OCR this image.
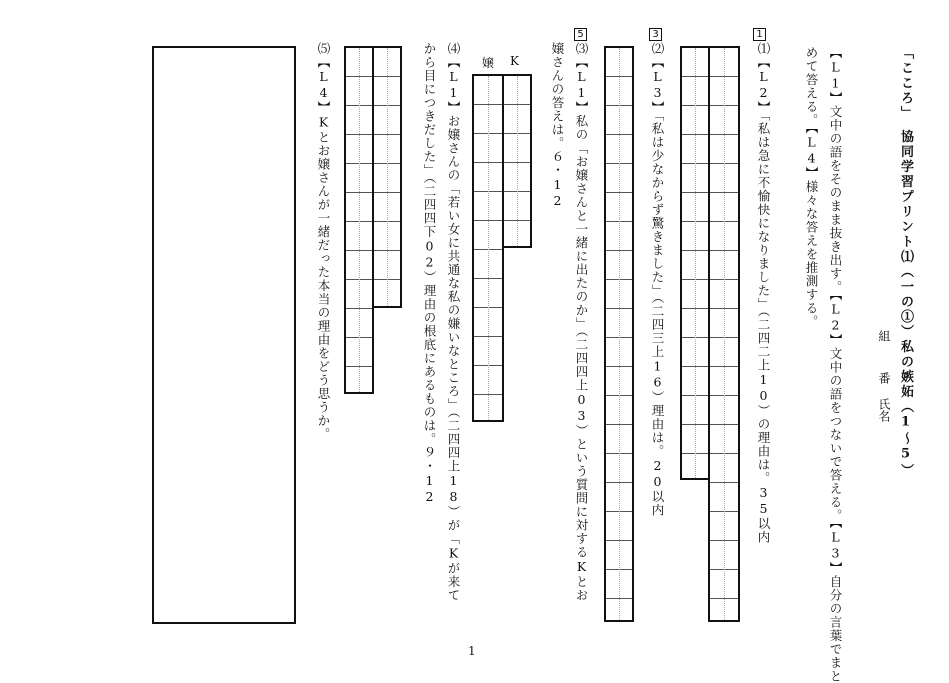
「こころ」　協同学習プリント⑴（一の①）私の嫉妬（1～5）
組
番
氏名
【L1】文中の語をそのまま抜き出す。【L2】文中の語をつないで答える。【L3】自分の言葉でまと
めて答える。【L4】様々な答えを推測する。
1
⑴【L2】「私は急に不愉快になりました」（二四二上10）の理由は。35以内
3
⑵【L3】「私は少なからず驚きました」（二四三上16）理由は。20以内
5
⑶【L1】私の「お嬢さんと一緒に出たのか」（二四四上03）という質問に対するKとお
嬢さんの答えは。６・12
K
嬢
⑷【L1】お嬢さんの「若い女に共通な私の嫌いなところ」（二四四上18）が「Kが来て
から目につきだした」（二四四下02）理由の根底にあるものは。９・12
⑸【L4】Kとお嬢さんが一緒だった本当の理由をどう思うか。
1
